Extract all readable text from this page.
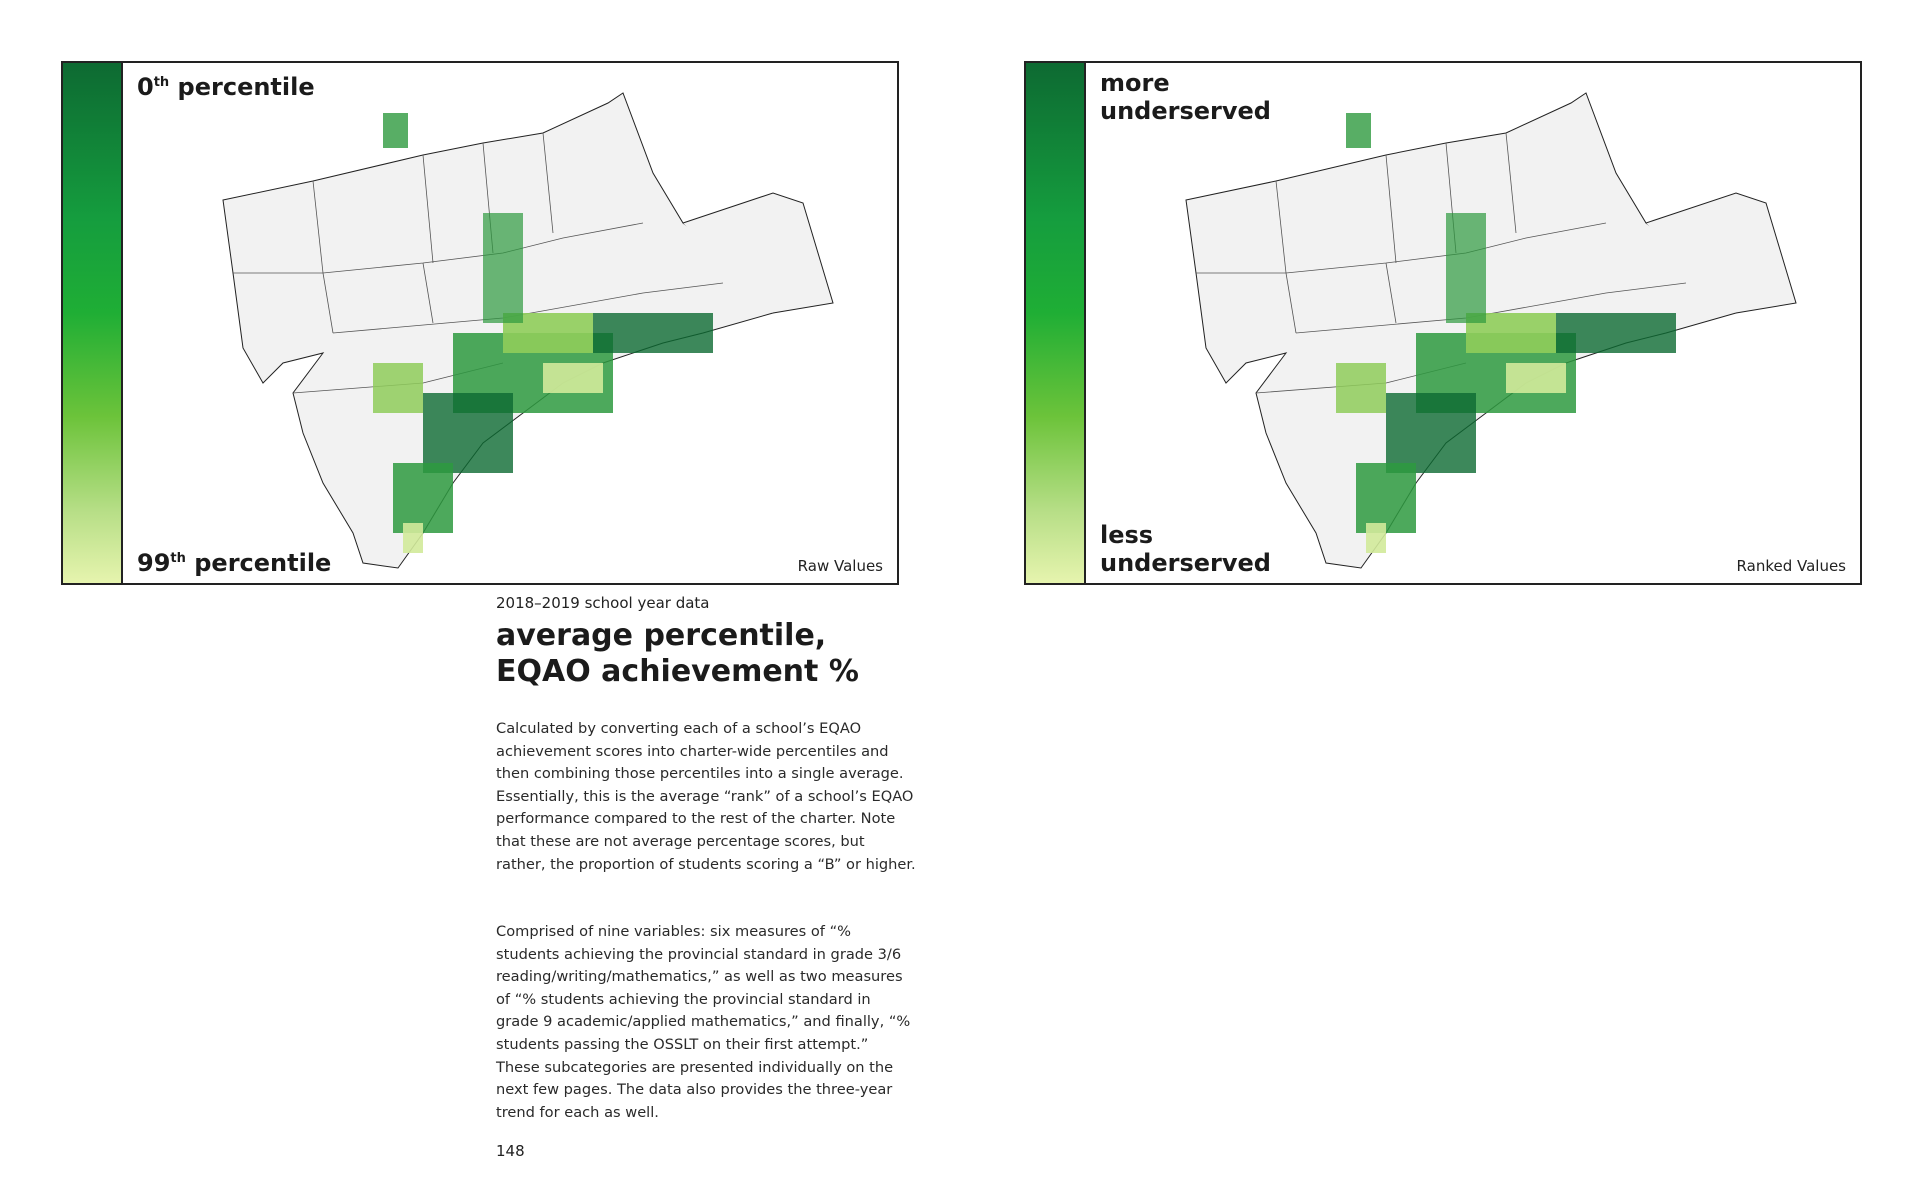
0th percentile
99th percentile	Raw Values
more
underserved
less
underserved	Ranked Values
2018–2019 school year data
average percentile,
EQAO achievement %
Calculated by converting each of a school’s EQAO achievement scores into charter-wide percentiles and then combining those percentiles into a single average. Essentially, this is the average “rank” of a school’s EQAO performance compared to the rest of the charter. Note that these are not average percentage scores, but rather, the proportion of students scoring a “B” or higher.
Comprised of nine variables: six measures of “% students achieving the provincial standard in grade 3/6 reading/writing/mathematics,” as well as two measures of “% students achieving the provincial standard in grade 9 academic/applied mathematics,” and finally, “% students passing the OSSLT on their first attempt.” These subcategories are presented individually on the next few pages. The data also provides the three-year trend for each as well.
148
